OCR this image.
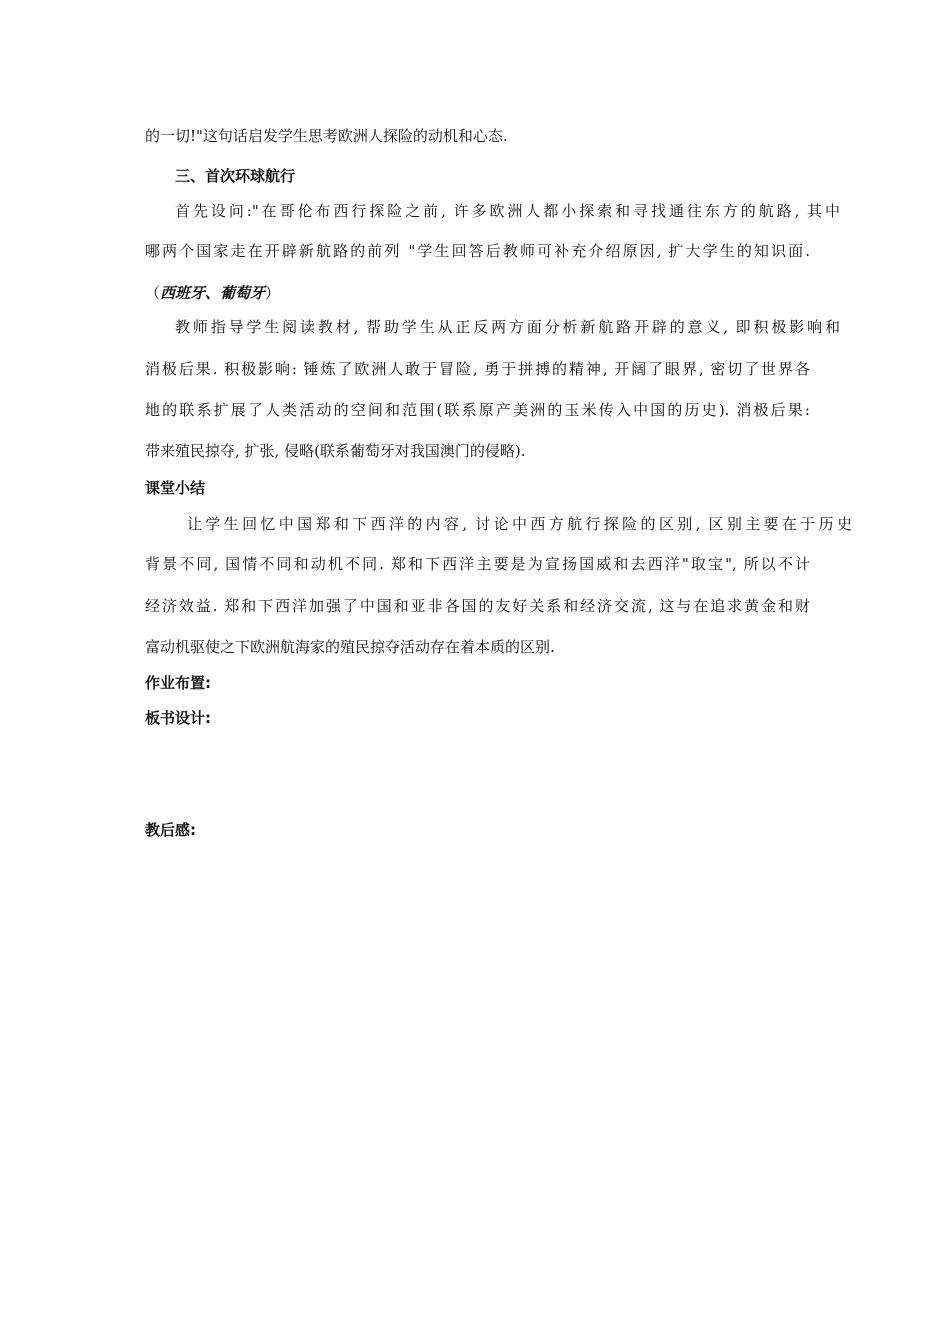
的一切!"这句话启发学生思考欧洲人探险的动机和心态.
三、首次环球航行
首先设问:"在哥伦布西行探险之前, 许多欧洲人都小探索和寻找通往东方的航路, 其中
哪两个国家走在开辟新航路的前列 "学生回答后教师可补充介绍原因, 扩大学生的知识面.
（西班牙、葡萄牙）
教师指导学生阅读教材, 帮助学生从正反两方面分析新航路开辟的意义, 即积极影响和
消极后果. 积极影响: 锤炼了欧洲人敢于冒险, 勇于拼搏的精神, 开阔了眼界, 密切了世界各
地的联系扩展了人类活动的空间和范围(联系原产美洲的玉米传入中国的历史). 消极后果:
带来殖民掠夺, 扩张, 侵略(联系葡萄牙对我国澳门的侵略).
课堂小结
让学生回忆中国郑和下西洋的内容, 讨论中西方航行探险的区别, 区别主要在于历史
背景不同, 国情不同和动机不同. 郑和下西洋主要是为宣扬国威和去西洋"取宝", 所以不计
经济效益. 郑和下西洋加强了中国和亚非各国的友好关系和经济交流, 这与在追求黄金和财
富动机驱使之下欧洲航海家的殖民掠夺活动存在着本质的区别.
作业布置:
板书设计:
教后感:
